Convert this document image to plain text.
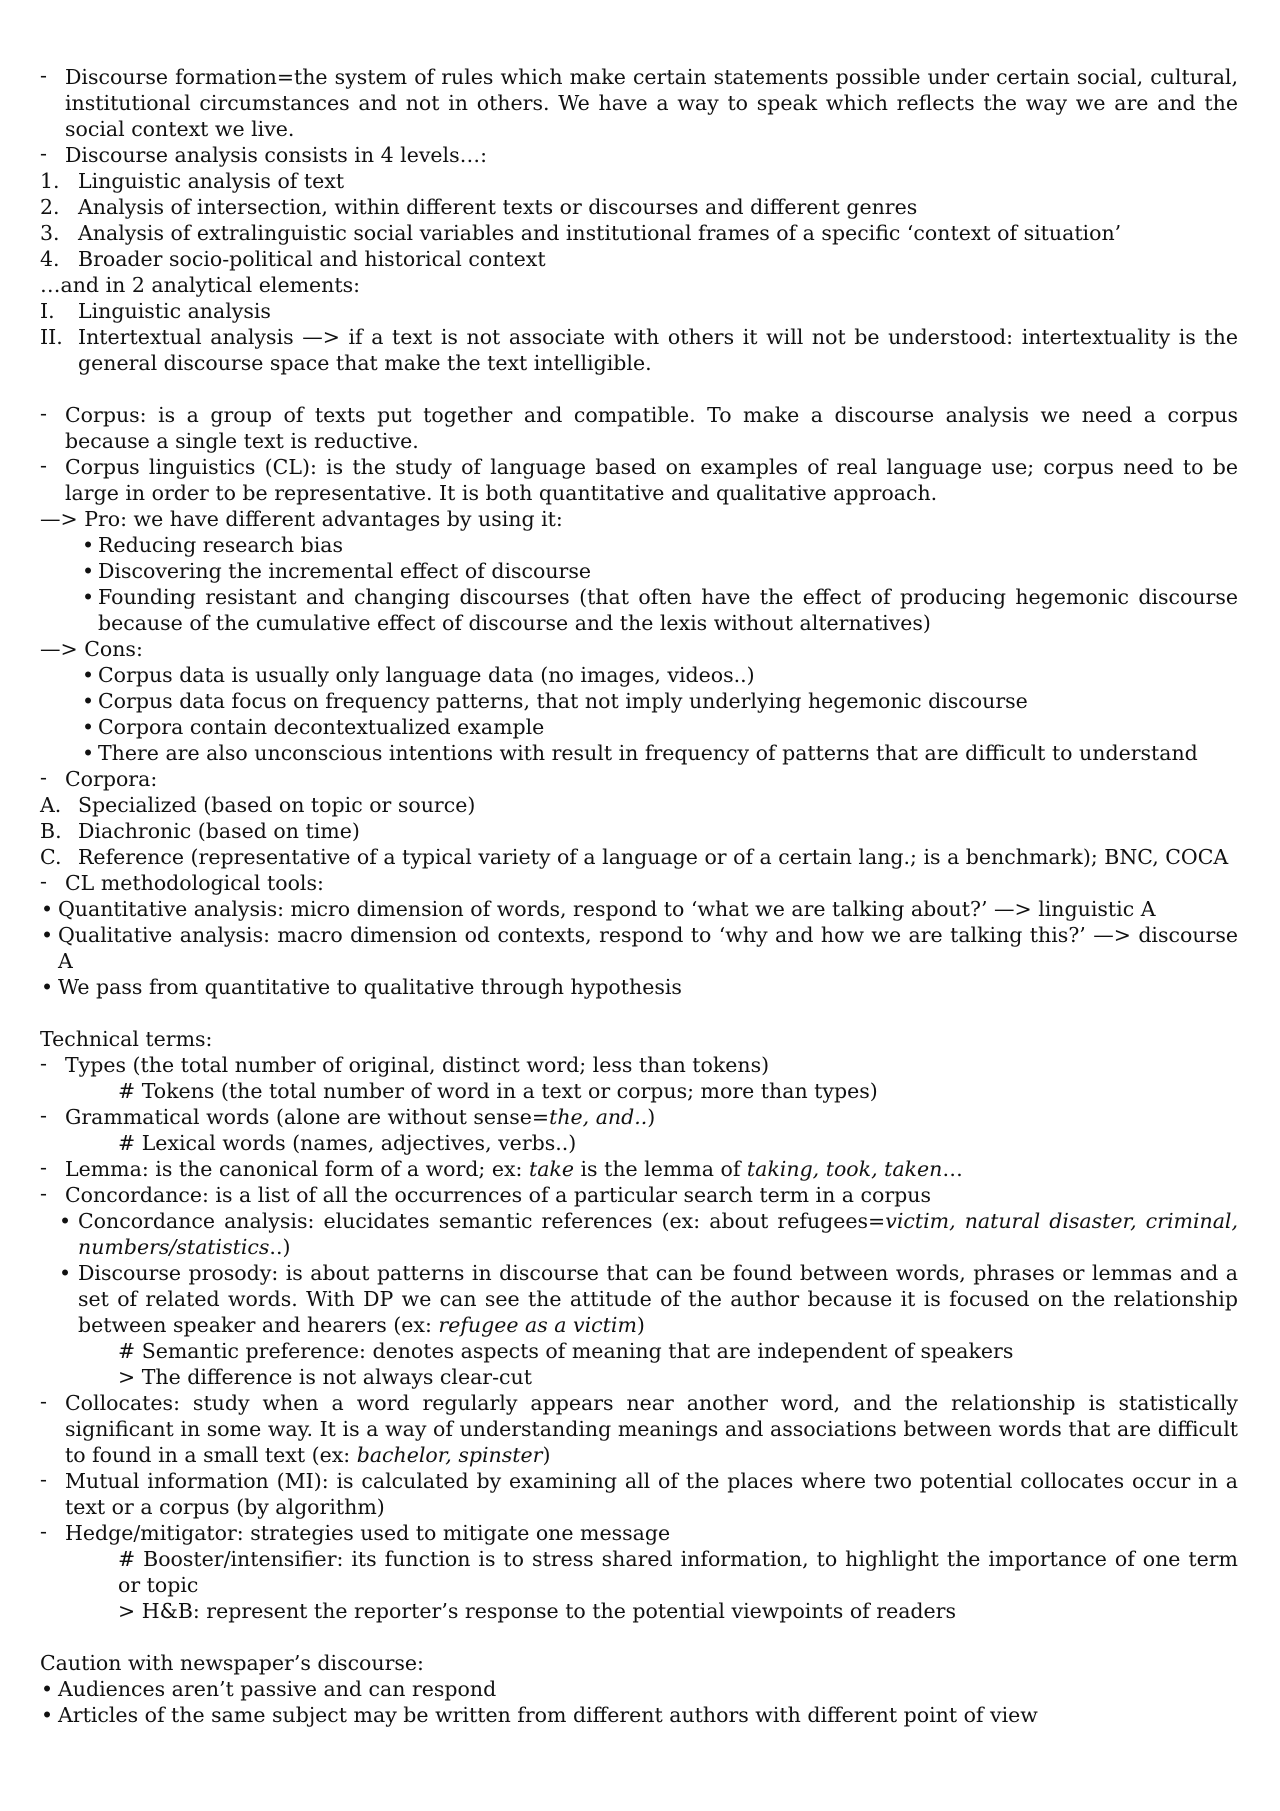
- Discourse formation=the system of rules which make certain statements possible under certain social, cultural, institutional circumstances and not in others. We have a way to speak which reflects the way we are and the social context we live.

- Discourse analysis consists in 4 levels…:

1. Linguistic analysis of text

2. Analysis of intersection, within different texts or discourses and different genres

3. Analysis of extralinguistic social variables and institutional frames of a specific ‘context of situation’

4. Broader socio-political and historical context

…and in 2 analytical elements:

I. Linguistic analysis

II. Intertextual analysis —> if a text is not associate with others it will not be understood: intertextuality is the general discourse space that make the text intelligible.

- Corpus: is a group of texts put together and compatible. To make a discourse analysis we need a corpus because a single text is reductive.

- Corpus linguistics (CL): is the study of language based on examples of real language use; corpus need to be large in order to be representative. It is both quantitative and qualitative approach.

—> Pro: we have different advantages by using it:

• Reducing research bias

• Discovering the incremental effect of discourse

• Founding resistant and changing discourses (that often have the effect of producing hegemonic discourse because of the cumulative effect of discourse and the lexis without alternatives)

—> Cons:

• Corpus data is usually only language data (no images, videos..)

• Corpus data focus on frequency patterns, that not imply underlying hegemonic discourse

• Corpora contain decontextualized example

• There are also unconscious intentions with result in frequency of patterns that are difficult to understand

- Corpora:

A. Specialized (based on topic or source)

B. Diachronic (based on time)

C. Reference (representative of a typical variety of a language or of a certain lang.; is a benchmark); BNC, COCA

- CL methodological tools:

• Quantitative analysis: micro dimension of words, respond to ‘what we are talking about?’ —> linguistic A

• Qualitative analysis: macro dimension od contexts, respond to ‘why and how we are talking this?’ —> discourse A

• We pass from quantitative to qualitative through hypothesis

Technical terms:

- Types (the total number of original, distinct word; less than tokens)

# Tokens (the total number of word in a text or corpus; more than types)

- Grammatical words (alone are without sense=the, and..)

# Lexical words (names, adjectives, verbs..)

- Lemma: is the canonical form of a word; ex: take is the lemma of taking, took, taken…

- Concordance: is a list of all the occurrences of a particular search term in a corpus

• Concordance analysis: elucidates semantic references (ex: about refugees=victim, natural disaster, criminal, numbers/statistics..)

• Discourse prosody: is about patterns in discourse that can be found between words, phrases or lemmas and a set of related words. With DP we can see the attitude of the author because it is focused on the relationship between speaker and hearers (ex: refugee as a victim)

# Semantic preference: denotes aspects of meaning that are independent of speakers

> The difference is not always clear-cut

- Collocates: study when a word regularly appears near another word, and the relationship is statistically significant in some way. It is a way of understanding meanings and associations between words that are difficult to found in a small text (ex: bachelor, spinster)

- Mutual information (MI): is calculated by examining all of the places where two potential collocates occur in a text or a corpus (by algorithm)

- Hedge/mitigator: strategies used to mitigate one message

# Booster/intensifier: its function is to stress shared information, to highlight the importance of one term or topic

> H&B: represent the reporter’s response to the potential viewpoints of readers

Caution with newspaper’s discourse:

• Audiences aren’t passive and can respond

• Articles of the same subject may be written from different authors with different point of view
